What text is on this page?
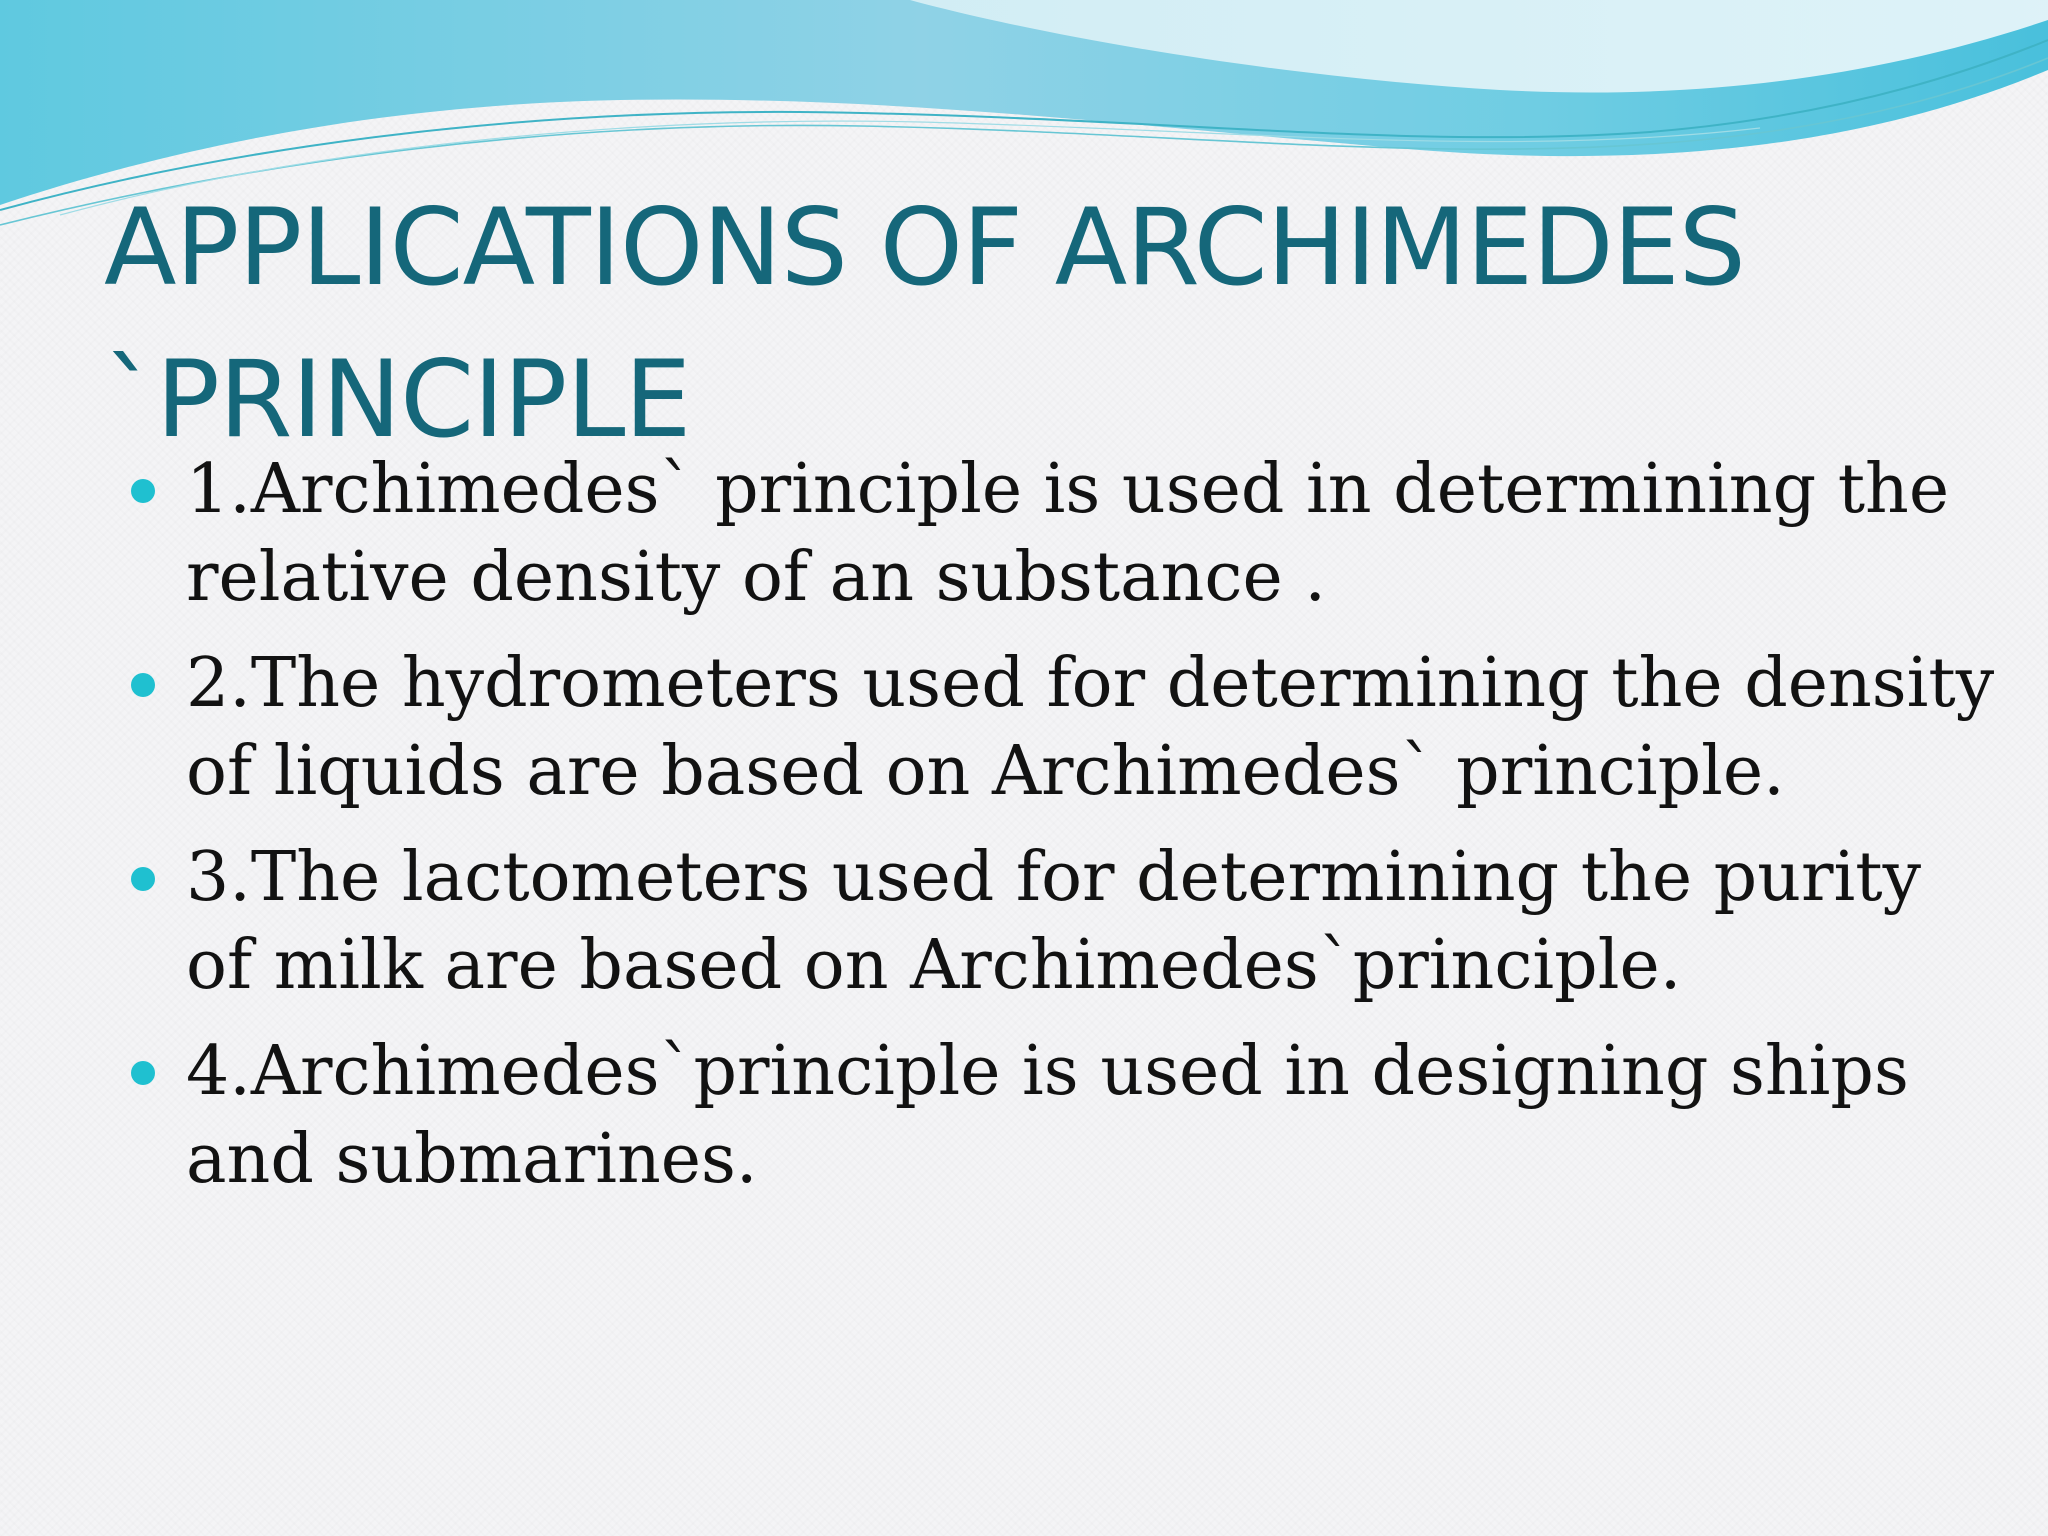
APPLICATIONS OF ARCHIMEDES `PRINCIPLE
1.Archimedes` principle is used in determining the relative density of an substance .
2.The hydrometers used for determining the density of liquids are based on Archimedes` principle.
3.The lactometers used for determining the purity of milk are based on Archimedes`principle.
4.Archimedes`principle is used in designing ships and submarines.
